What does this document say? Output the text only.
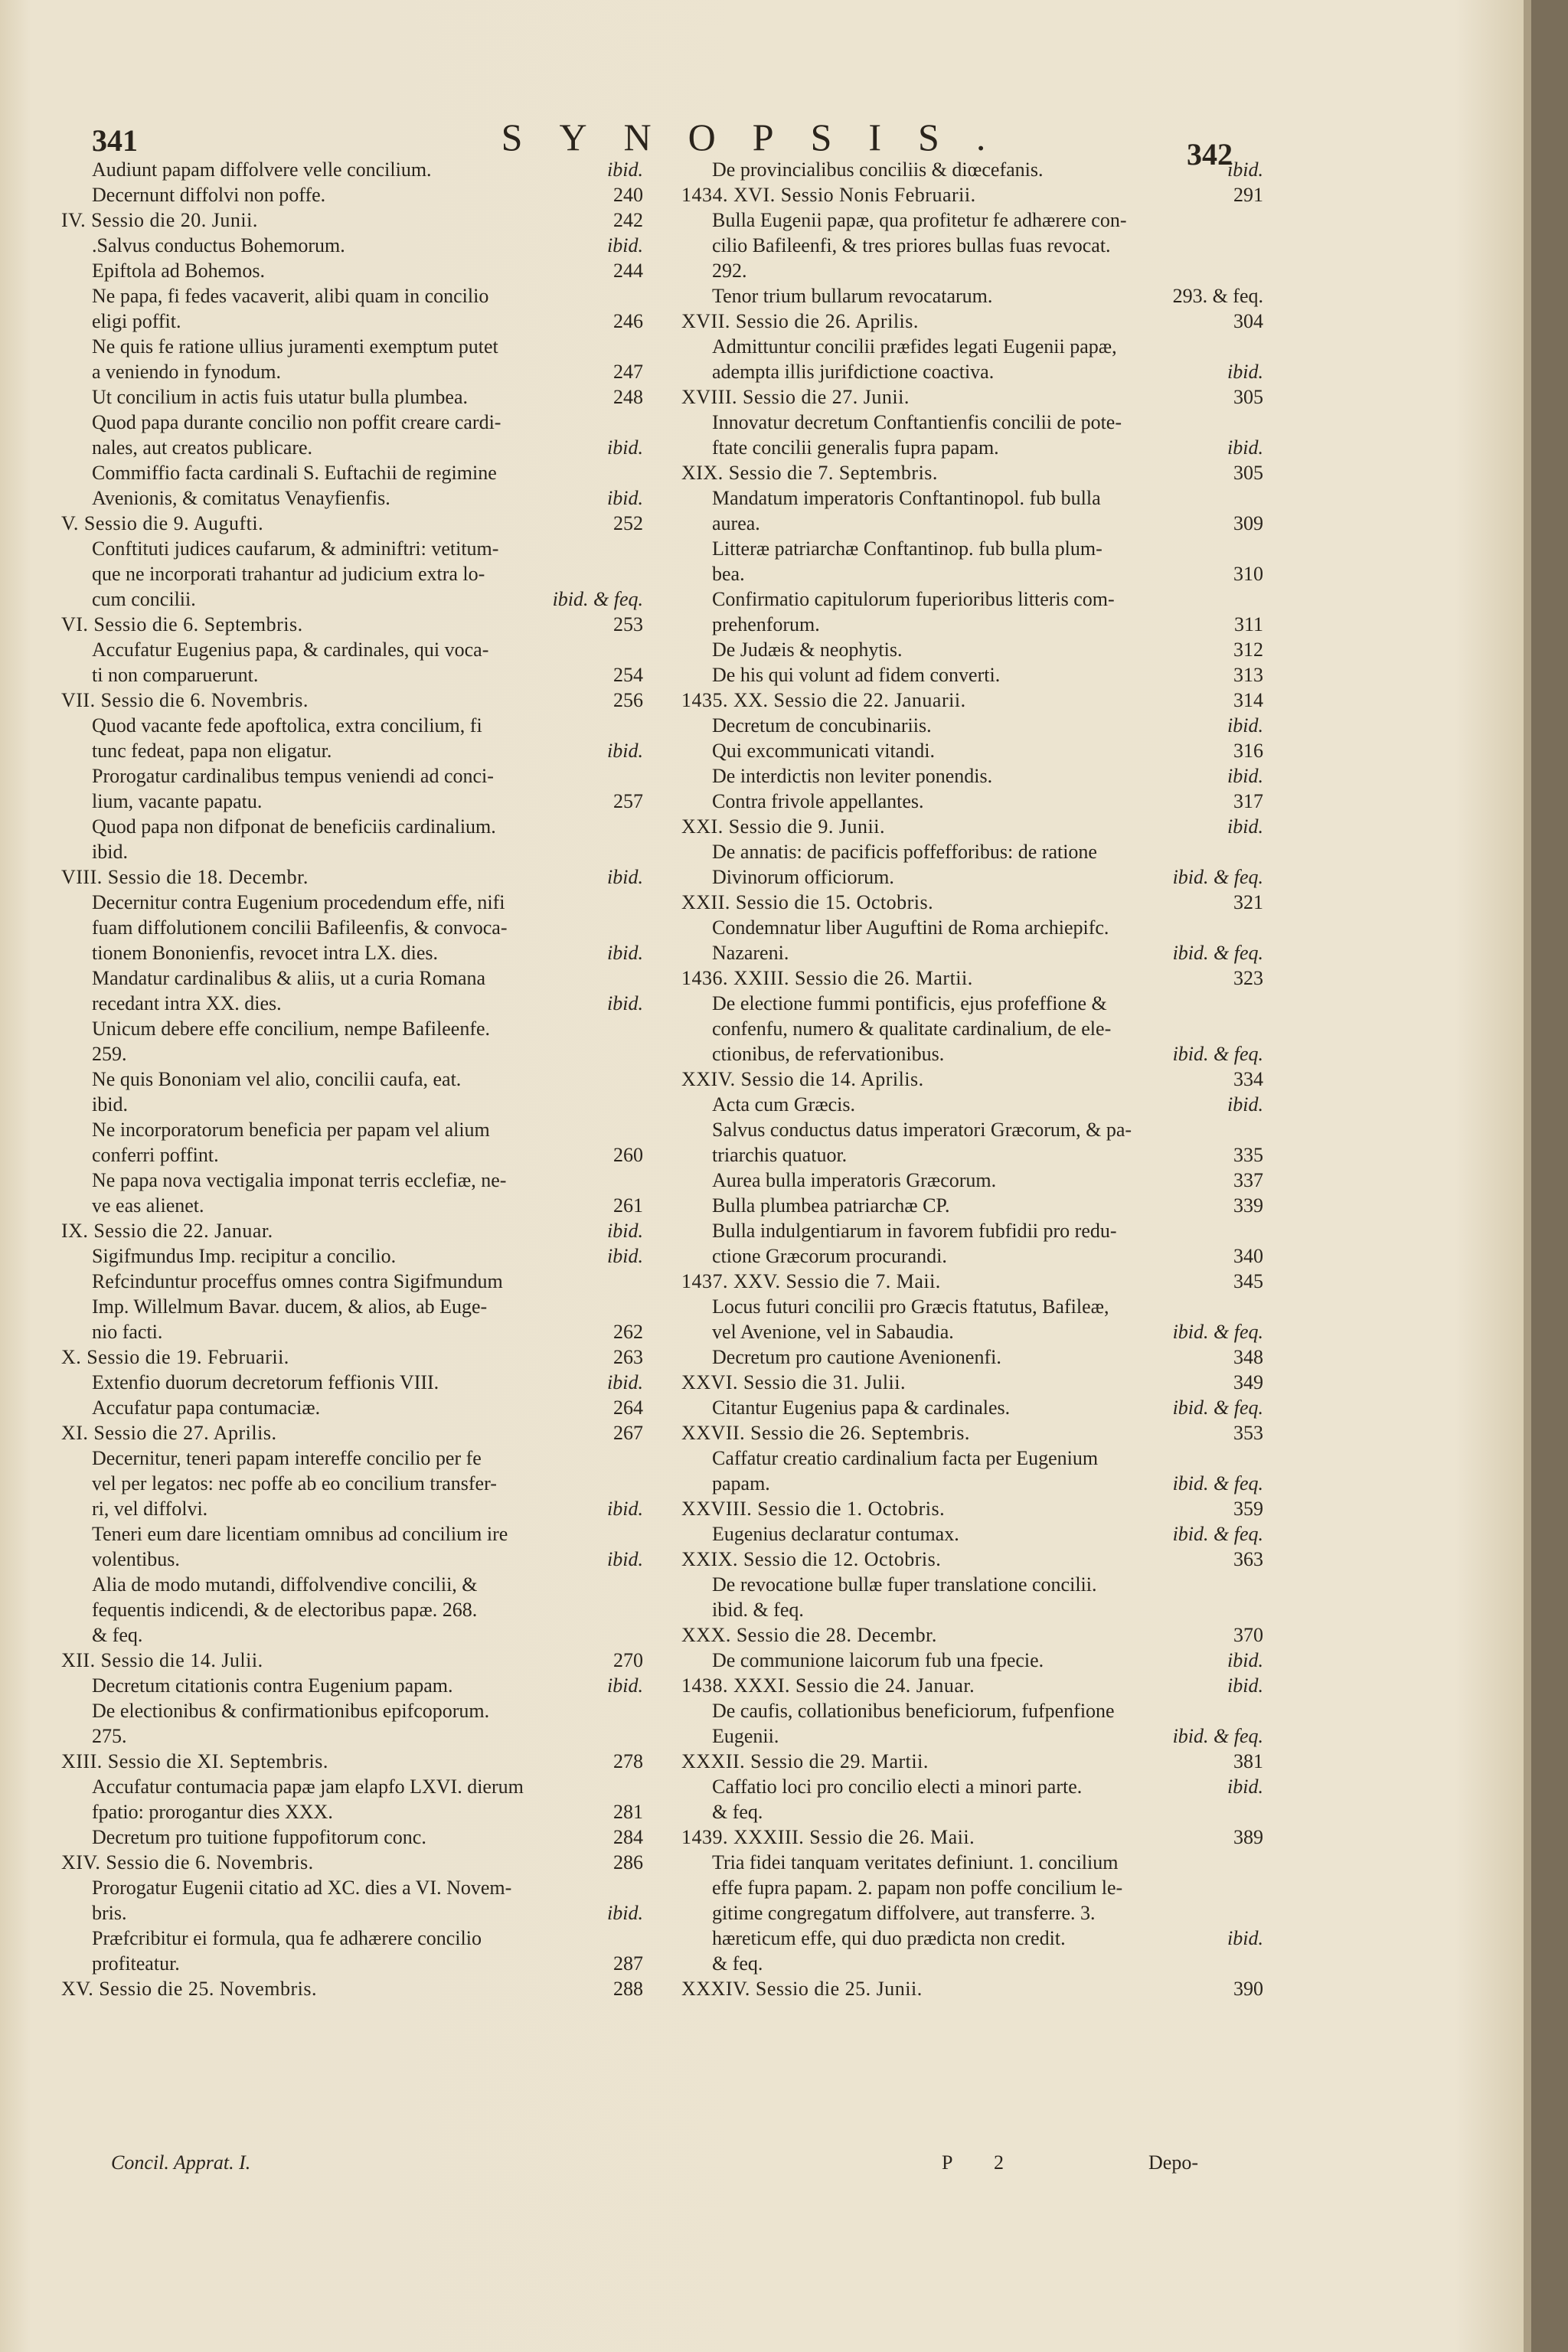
341	SYNOPSIS.	342
Audiunt papam diffolvere velle concilium.	ibid.
Decernunt diffolvi non poffe.	240
IV. Sessio die 20. Junii.	242
.Salvus conductus Bohemorum.	ibid.
Epiftola ad Bohemos.	244
Ne papa, fi fedes vacaverit, alibi quam in concilio
eligi poffit.	246
Ne quis fe ratione ullius juramenti exemptum putet
a veniendo in fynodum.	247
Ut concilium in actis fuis utatur bulla plumbea.	248
Quod papa durante concilio non poffit creare cardi-
nales, aut creatos publicare.	ibid.
Commiffio facta cardinali S. Euftachii de regimine
Avenionis, & comitatus Venayfienfis.	ibid.
V. Sessio die 9. Augufti.	252
Conftituti judices caufarum, & adminiftri: vetitum-
que ne incorporati trahantur ad judicium extra lo-
cum concilii.	ibid. & feq.
VI. Sessio die 6. Septembris.	253
Accufatur Eugenius papa, & cardinales, qui voca-
ti non comparuerunt.	254
VII. Sessio die 6. Novembris.	256
Quod vacante fede apoftolica, extra concilium, fi
tunc fedeat, papa non eligatur.	ibid.
Prorogatur cardinalibus tempus veniendi ad conci-
lium, vacante papatu.	257
Quod papa non difponat de beneficiis cardinalium.
ibid.
VIII. Sessio die 18. Decembr.	ibid.
Decernitur contra Eugenium procedendum effe, nifi
fuam diffolutionem concilii Bafileenfis, & convoca-
tionem Bononienfis, revocet intra LX. dies.	ibid.
Mandatur cardinalibus & aliis, ut a curia Romana
recedant intra XX. dies.	ibid.
Unicum debere effe concilium, nempe Bafileenfe.
259.
Ne quis Bononiam vel alio, concilii caufa, eat.
ibid.
Ne incorporatorum beneficia per papam vel alium
conferri poffint.	260
Ne papa nova vectigalia imponat terris ecclefiæ, ne-
ve eas alienet.	261
IX. Sessio die 22. Januar.	ibid.
Sigifmundus Imp. recipitur a concilio.	ibid.
Refcinduntur proceffus omnes contra Sigifmundum
Imp. Willelmum Bavar. ducem, & alios, ab Euge-
nio facti.	262
X. Sessio die 19. Februarii.	263
Extenfio duorum decretorum feffionis VIII.	ibid.
Accufatur papa contumaciæ.	264
XI. Sessio die 27. Aprilis.	267
Decernitur, teneri papam intereffe concilio per fe
vel per legatos: nec poffe ab eo concilium transfer-
ri, vel diffolvi.	ibid.
Teneri eum dare licentiam omnibus ad concilium ire
volentibus.	ibid.
Alia de modo mutandi, diffolvendive concilii, &
fequentis indicendi, & de electoribus papæ. 268.
& feq.
XII. Sessio die 14. Julii.	270
Decretum citationis contra Eugenium papam.	ibid.
De electionibus & confirmationibus epifcoporum.
275.
XIII. Sessio die XI. Septembris.	278
Accufatur contumacia papæ jam elapfo LXVI. dierum
fpatio: prorogantur dies XXX.	281
Decretum pro tuitione fuppofitorum conc.	284
XIV. Sessio die 6. Novembris.	286
Prorogatur Eugenii citatio ad XC. dies a VI. Novem-
bris.	ibid.
Præfcribitur ei formula, qua fe adhærere concilio
profiteatur.	287
XV. Sessio die 25. Novembris.	288
De provincialibus conciliis & diœcefanis.	ibid.
1434. XVI. Sessio Nonis Februarii.	291
Bulla Eugenii papæ, qua profitetur fe adhærere con-
cilio Bafileenfi, & tres priores bullas fuas revocat.
292.
Tenor trium bullarum revocatarum.	293. & feq.
XVII. Sessio die 26. Aprilis.	304
Admittuntur concilii præfides legati Eugenii papæ,
adempta illis jurifdictione coactiva.	ibid.
XVIII. Sessio die 27. Junii.	305
Innovatur decretum Conftantienfis concilii de pote-
ftate concilii generalis fupra papam.	ibid.
XIX. Sessio die 7. Septembris.	305
Mandatum imperatoris Conftantinopol. fub bulla
aurea.	309
Litteræ patriarchæ Conftantinop. fub bulla plum-
bea.	310
Confirmatio capitulorum fuperioribus litteris com-
prehenforum.	311
De Judæis & neophytis.	312
De his qui volunt ad fidem converti.	313
1435. XX. Sessio die 22. Januarii.	314
Decretum de concubinariis.	ibid.
Qui excommunicati vitandi.	316
De interdictis non leviter ponendis.	ibid.
Contra frivole appellantes.	317
XXI. Sessio die 9. Junii.	ibid.
De annatis: de pacificis poffefforibus: de ratione
Divinorum officiorum.	ibid. & feq.
XXII. Sessio die 15. Octobris.	321
Condemnatur liber Auguftini de Roma archiepifc.
Nazareni.	ibid. & feq.
1436. XXIII. Sessio die 26. Martii.	323
De electione fummi pontificis, ejus profeffione &
confenfu, numero & qualitate cardinalium, de ele-
ctionibus, de refervationibus.	ibid. & feq.
XXIV. Sessio die 14. Aprilis.	334
Acta cum Græcis.	ibid.
Salvus conductus datus imperatori Græcorum, & pa-
triarchis quatuor.	335
Aurea bulla imperatoris Græcorum.	337
Bulla plumbea patriarchæ CP.	339
Bulla indulgentiarum in favorem fubfidii pro redu-
ctione Græcorum procurandi.	340
1437. XXV. Sessio die 7. Maii.	345
Locus futuri concilii pro Græcis ftatutus, Bafileæ,
vel Avenione, vel in Sabaudia.	ibid. & feq.
Decretum pro cautione Avenionenfi.	348
XXVI. Sessio die 31. Julii.	349
Citantur Eugenius papa & cardinales.	ibid. & feq.
XXVII. Sessio die 26. Septembris.	353
Caffatur creatio cardinalium facta per Eugenium
papam.	ibid. & feq.
XXVIII. Sessio die 1. Octobris.	359
Eugenius declaratur contumax.	ibid. & feq.
XXIX. Sessio die 12. Octobris.	363
De revocatione bullæ fuper translatione concilii.
ibid. & feq.
XXX. Sessio die 28. Decembr.	370
De communione laicorum fub una fpecie.	ibid.
1438. XXXI. Sessio die 24. Januar.	ibid.
De caufis, collationibus beneficiorum, fufpenfione
Eugenii.	ibid. & feq.
XXXII. Sessio die 29. Martii.	381
Caffatio loci pro concilio electi a minori parte.	ibid.
& feq.
1439. XXXIII. Sessio die 26. Maii.	389
Tria fidei tanquam veritates definiunt. 1. concilium
effe fupra papam. 2. papam non poffe concilium le-
gitime congregatum diffolvere, aut transferre. 3.
hæreticum effe, qui duo prædicta non credit.	ibid.
& feq.
XXXIV. Sessio die 25. Junii.	390
Concil. Apprat. I.	P 2	Depo-
